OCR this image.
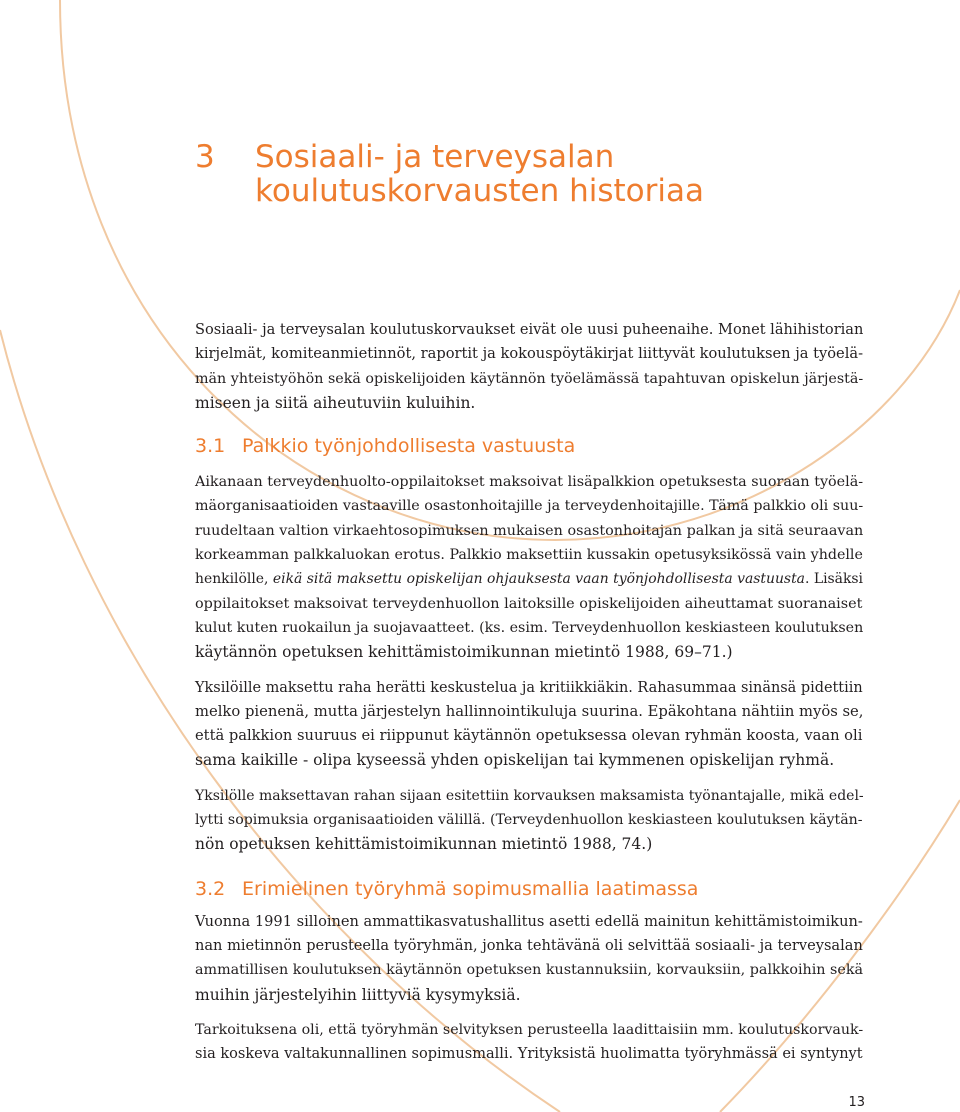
3 Sosiaali- ja terveysalan
koulutuskorvausten historiaa

Sosiaali- ja terveysalan koulutuskorvaukset eivät ole uusi puheenaihe. Monet lähihistorian
kirjelmät, komiteanmietinnöt, raportit ja kokouspöytäkirjat liittyvät koulutuksen ja työelä-
män yhteistyöhön sekä opiskelijoiden käytännön työelämässä tapahtuvan opiskelun järjestä-
miseen ja siitä aiheutuviin kuluihin.

3.1 Palkkio työnjohdollisesta vastuusta

Aikanaan terveydenhuolto-oppilaitokset maksoivat lisäpalkkion opetuksesta suoraan työelä-
mäorganisaatioiden vastaaville osastonhoitajille ja terveydenhoitajille. Tämä palkkio oli suu-
ruudeltaan valtion virkaehtosopimuksen mukaisen osastonhoitajan palkan ja sitä seuraavan
korkeamman palkkaluokan erotus. Palkkio maksettiin kussakin opetusyksikössä vain yhdelle
henkilölle, eikä sitä maksettu opiskelijan ohjauksesta vaan työnjohdollisesta vastuusta. Lisäksi
oppilaitokset maksoivat terveydenhuollon laitoksille opiskelijoiden aiheuttamat suoranaiset
kulut kuten ruokailun ja suojavaatteet. (ks. esim. Terveydenhuollon keskiasteen koulutuksen
käytännön opetuksen kehittämistoimikunnan mietintö 1988, 69–71.)

Yksilöille maksettu raha herätti keskustelua ja kritiikkiäkin. Rahasummaa sinänsä pidettiin
melko pienenä, mutta järjestelyn hallinnointikuluja suurina. Epäkohtana nähtiin myös se,
että palkkion suuruus ei riippunut käytännön opetuksessa olevan ryhmän koosta, vaan oli
sama kaikille - olipa kyseessä yhden opiskelijan tai kymmenen opiskelijan ryhmä.

Yksilölle maksettavan rahan sijaan esitettiin korvauksen maksamista työnantajalle, mikä edel-
lytti sopimuksia organisaatioiden välillä. (Terveydenhuollon keskiasteen koulutuksen käytän-
nön opetuksen kehittämistoimikunnan mietintö 1988, 74.)

3.2 Erimielinen työryhmä sopimusmallia laatimassa

Vuonna 1991 silloinen ammattikasvatushallitus asetti edellä mainitun kehittämistoimikun-
nan mietinnön perusteella työryhmän, jonka tehtävänä oli selvittää sosiaali- ja terveysalan
ammatillisen koulutuksen käytännön opetuksen kustannuksiin, korvauksiin, palkkoihin sekä
muihin järjestelyihin liittyviä kysymyksiä.

Tarkoituksena oli, että työryhmän selvityksen perusteella laadittaisiin mm. koulutuskorvauk-
sia koskeva valtakunnallinen sopimusmalli. Yrityksistä huolimatta työryhmässä ei syntynyt

13
